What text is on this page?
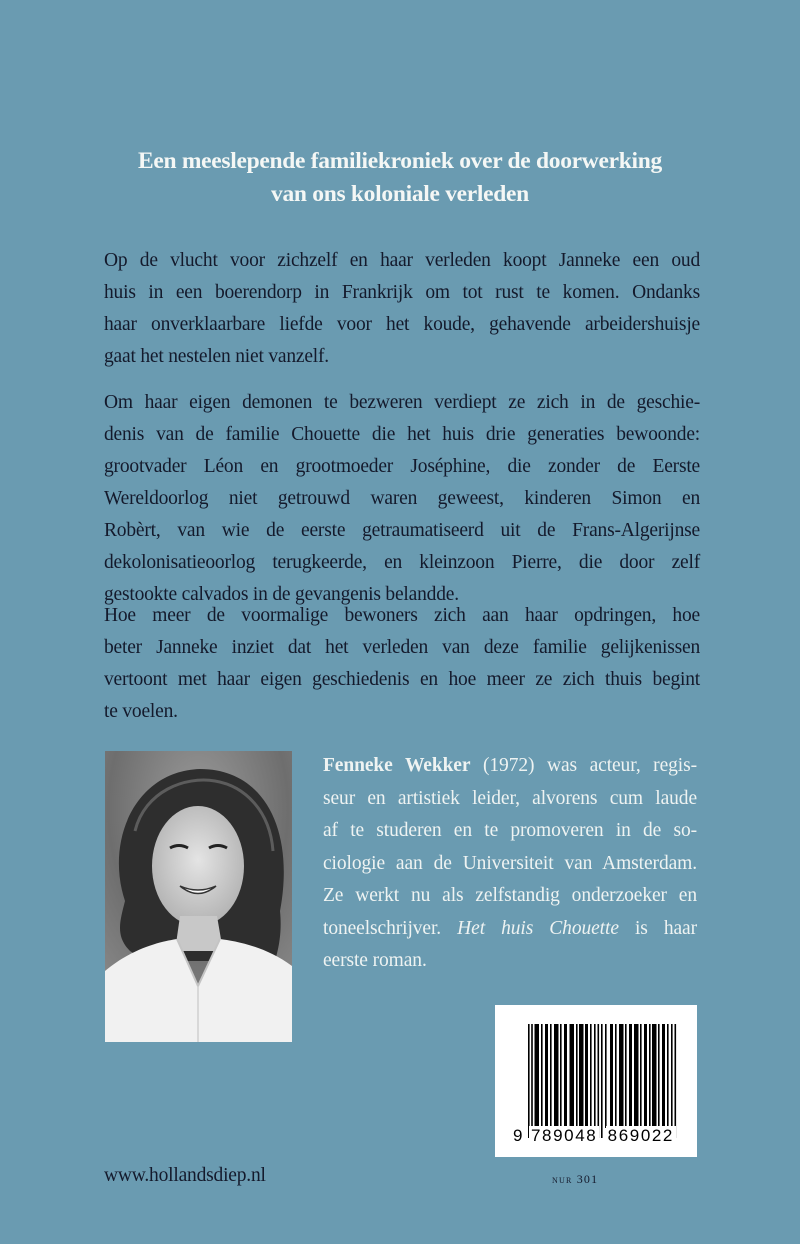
Een meeslepende familiekroniek over de doorwerking
van ons koloniale verleden
Op de vlucht voor zichzelf en haar verleden koopt Janneke een oud
huis in een boerendorp in Frankrijk om tot rust te komen. Ondanks
haar onverklaarbare liefde voor het koude, gehavende arbeidershuisje
gaat het nestelen niet vanzelf.
Om haar eigen demonen te bezweren verdiept ze zich in de geschie-
denis van de familie Chouette die het huis drie generaties bewoonde:
grootvader Léon en grootmoeder Joséphine, die zonder de Eerste
Wereldoorlog niet getrouwd waren geweest, kinderen Simon en
Robèrt, van wie de eerste getraumatiseerd uit de Frans-Algerijnse
dekolonisatieoorlog terugkeerde, en kleinzoon Pierre, die door zelf
gestookte calvados in de gevangenis belandde.
Hoe meer de voormalige bewoners zich aan haar opdringen, hoe
beter Janneke inziet dat het verleden van deze familie gelijkenissen
vertoont met haar eigen geschiedenis en hoe meer ze zich thuis begint
te voelen.
Fenneke Wekker (1972) was acteur, regis-
seur en artistiek leider, alvorens cum laude
af te studeren en te promoveren in de so-
ciologie aan de Universiteit van Amsterdam.
Ze werkt nu als zelfstandig onderzoeker en
toneelschrijver. Het huis Chouette is haar
eerste roman.
9 789048 869022
www.hollandsdiep.nl	nur 301
